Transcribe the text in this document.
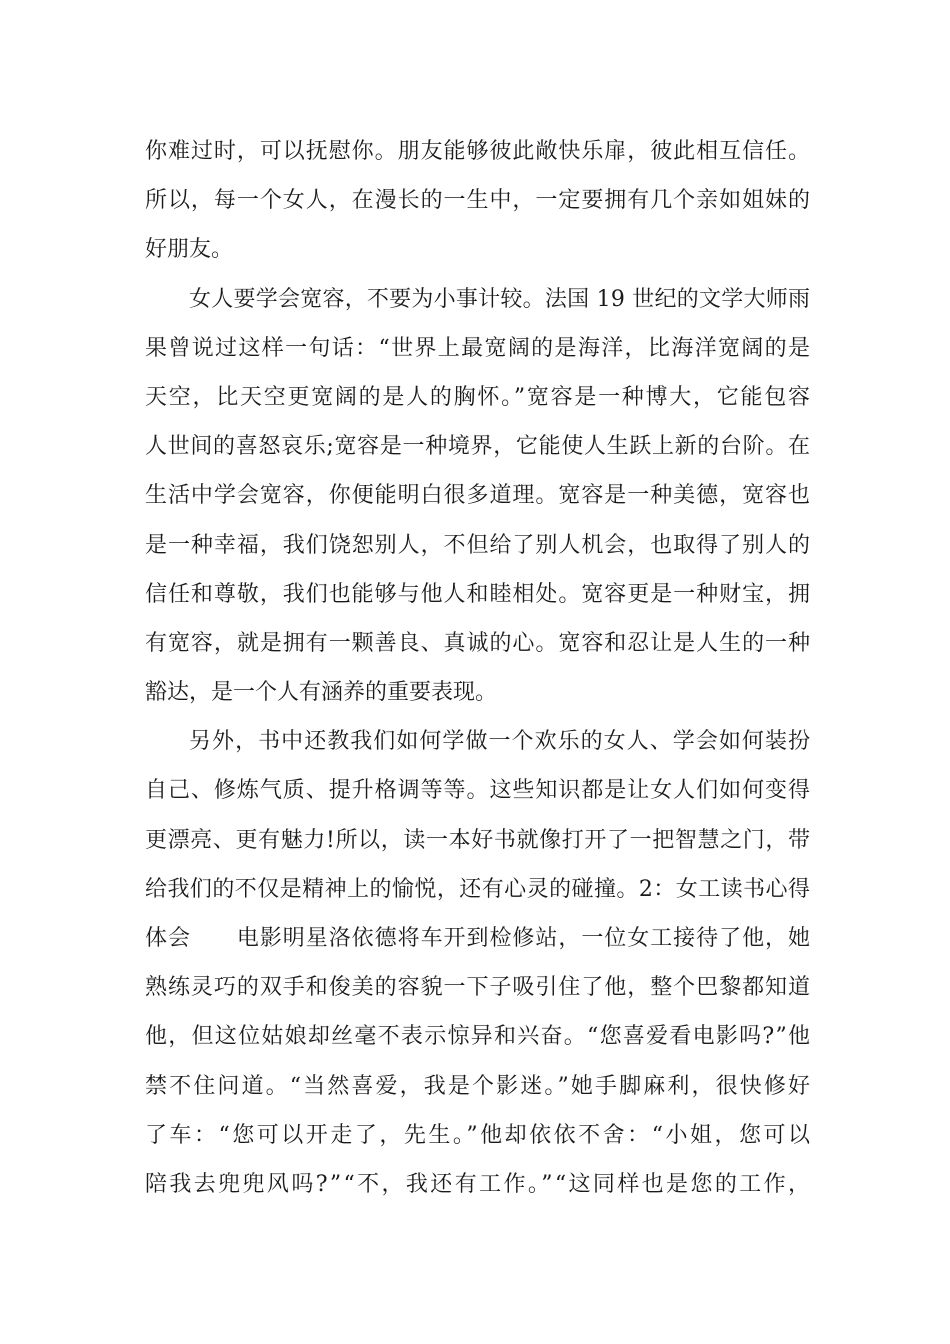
你难过时，可以抚慰你。朋友能够彼此敞快乐扉，彼此相互信任。
所以，每一个女人，在漫长的一生中，一定要拥有几个亲如姐妹的
好朋友。
女人要学会宽容，不要为小事计较。法国 19 世纪的文学大师雨
果曾说过这样一句话：“世界上最宽阔的是海洋，比海洋宽阔的是
天空，比天空更宽阔的是人的胸怀。”宽容是一种博大，它能包容
人世间的喜怒哀乐;宽容是一种境界，它能使人生跃上新的台阶。在
生活中学会宽容，你便能明白很多道理。宽容是一种美德，宽容也
是一种幸福，我们饶恕别人，不但给了别人机会，也取得了别人的
信任和尊敬，我们也能够与他人和睦相处。宽容更是一种财宝，拥
有宽容，就是拥有一颗善良、真诚的心。宽容和忍让是人生的一种
豁达，是一个人有涵养的重要表现。
另外，书中还教我们如何学做一个欢乐的女人、学会如何装扮
自己、修炼气质、提升格调等等。这些知识都是让女人们如何变得
更漂亮、更有魅力!所以，读一本好书就像打开了一把智慧之门，带
给我们的不仅是精神上的愉悦，还有心灵的碰撞。2：女工读书心得
体会　　电影明星洛依德将车开到检修站，一位女工接待了他，她
熟练灵巧的双手和俊美的容貌一下子吸引住了他，整个巴黎都知道
他，但这位姑娘却丝毫不表示惊异和兴奋。“您喜爱看电影吗?”他
禁不住问道。“当然喜爱，我是个影迷。”她手脚麻利，很快修好
了车：“您可以开走了，先生。”他却依依不舍：“小姐，您可以
陪我去兜兜风吗?”“不，我还有工作。”“这同样也是您的工作，
